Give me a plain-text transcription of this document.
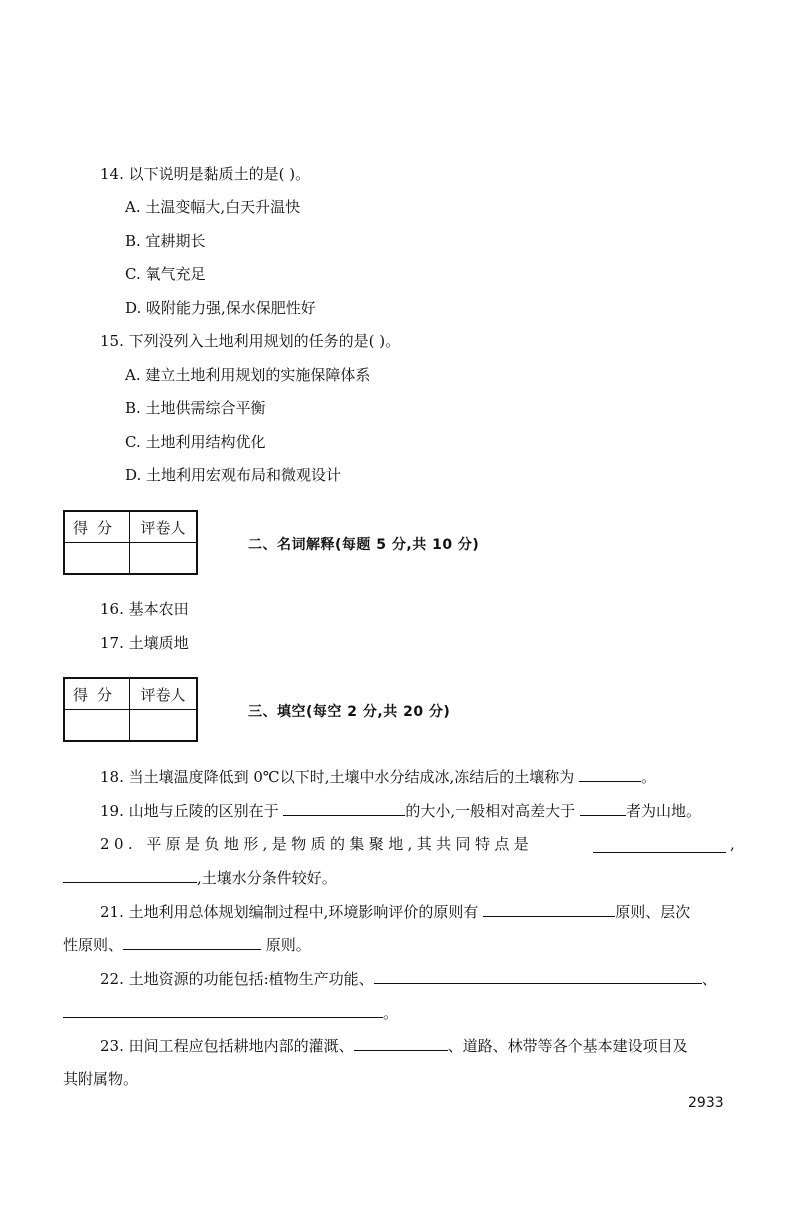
14. 以下说明是黏质土的是( )。
A. 土温变幅大,白天升温快
B. 宜耕期长
C. 氧气充足
D. 吸附能力强,保水保肥性好
15. 下列没列入土地利用规划的任务的是( )。
A. 建立土地利用规划的实施保障体系
B. 土地供需综合平衡
C. 土地利用结构优化
D. 土地利用宏观布局和微观设计
得分	评卷人

二、名词解释(每题 5 分,共 10 分)
16. 基本农田
17. 土壤质地
得分	评卷人

三、填空(每空 2 分,共 20 分)
18. 当土壤温度降低到 0℃以下时,土壤中水分结成冰,冻结后的土壤称为	。
19. 山地与丘陵的区别在于	的大小,一般相对高差大于	者为山地。
20. 平原是负地形,是物质的集聚地,其共同特点是	,
,土壤水分条件较好。
21. 土地利用总体规划编制过程中,环境影响评价的原则有	原则、层次
性原则、	原则。
22. 土地资源的功能包括:植物生产功能、	、
。
23. 田间工程应包括耕地内部的灌溉、	、道路、林带等各个基本建设项目及
其附属物。
2933
